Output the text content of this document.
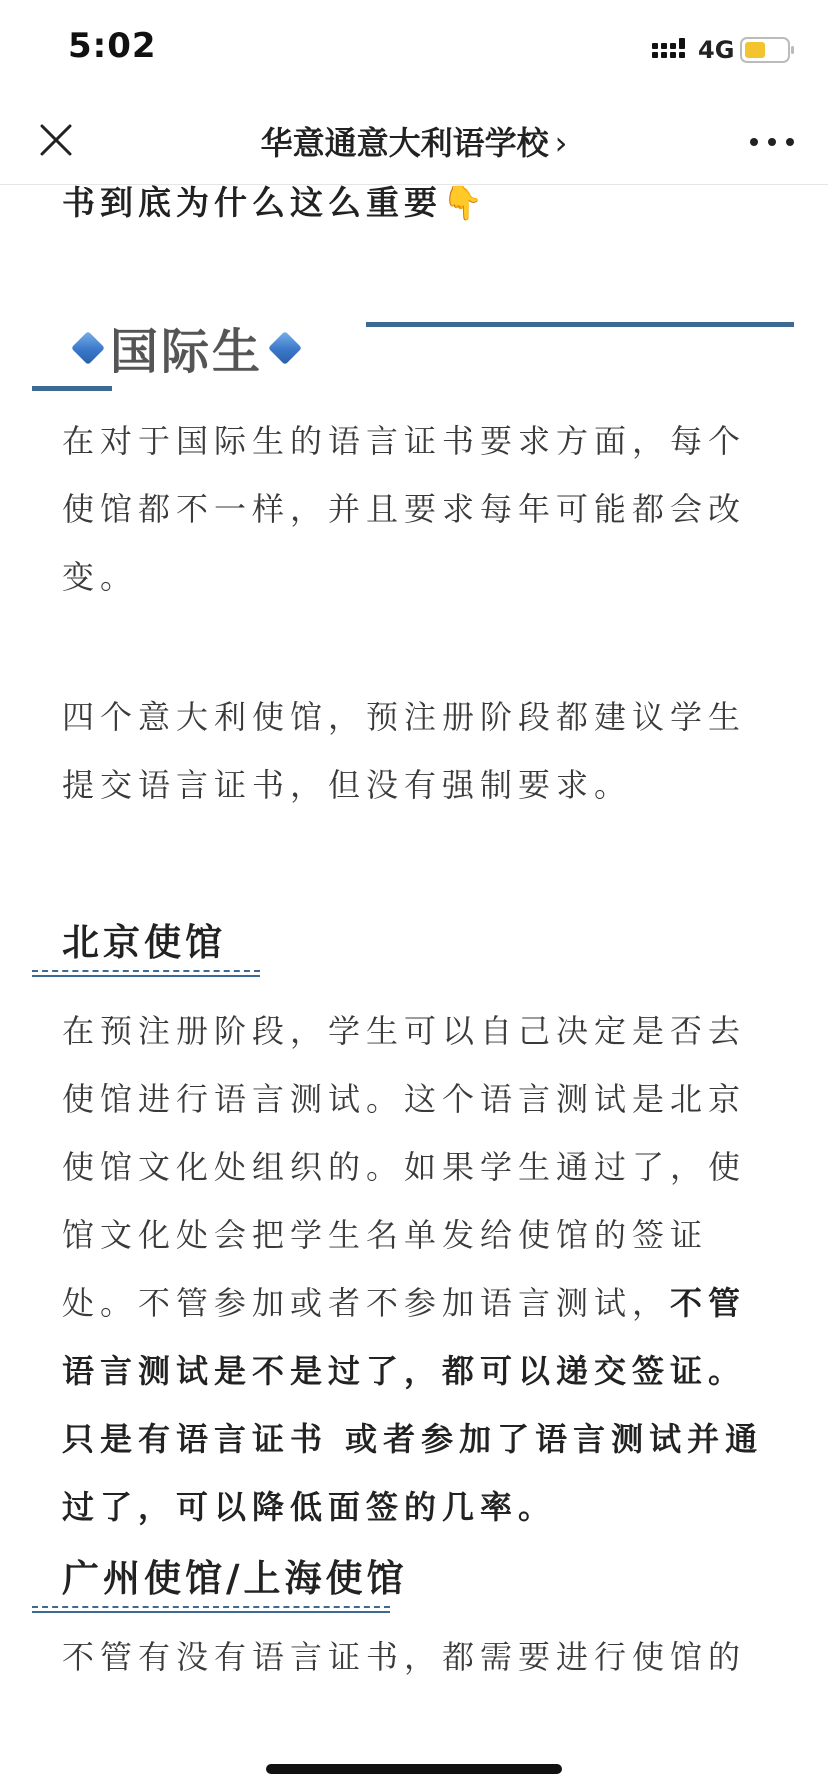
5:02	4G
华意通意大利语学校 ›
书到底为什么这么重要👇
国际生
在对于国际生的语言证书要求方面，每个使馆都不一样，并且要求每年可能都会改变。
四个意大利使馆，预注册阶段都建议学生提交语言证书，但没有强制要求。
北京使馆
在预注册阶段，学生可以自己决定是否去使馆进行语言测试。这个语言测试是北京使馆文化处组织的。如果学生通过了，使馆文化处会把学生名单发给使馆的签证处。不管参加或者不参加语言测试，不管语言测试是不是过了，都可以递交签证。只是有语言证书 或者参加了语言测试并通过了，可以降低面签的几率。
广州使馆/上海使馆
不管有没有语言证书，都需要进行使馆的
